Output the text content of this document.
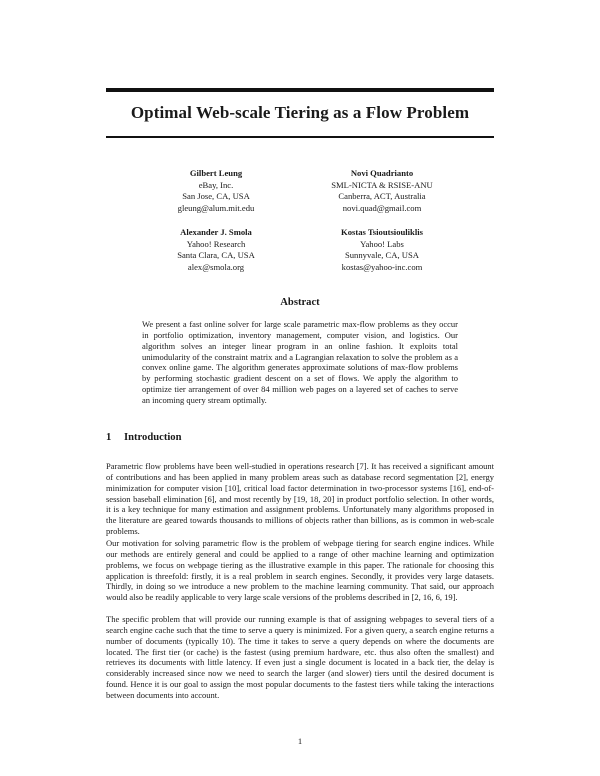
Optimal Web-scale Tiering as a Flow Problem
Gilbert Leung
eBay, Inc.
San Jose, CA, USA
gleung@alum.mit.edu
Novi Quadrianto
SML-NICTA & RSISE-ANU
Canberra, ACT, Australia
novi.quad@gmail.com
Alexander J. Smola
Yahoo! Research
Santa Clara, CA, USA
alex@smola.org
Kostas Tsioutsiouliklis
Yahoo! Labs
Sunnyvale, CA, USA
kostas@yahoo-inc.com
Abstract
We present a fast online solver for large scale parametric max-flow problems as they occur in portfolio optimization, inventory management, computer vision, and logistics. Our algorithm solves an integer linear program in an online fashion. It exploits total unimodularity of the constraint matrix and a Lagrangian relaxation to solve the problem as a convex online game. The algorithm generates approximate solutions of max-flow problems by performing stochastic gradient descent on a set of flows. We apply the algorithm to optimize tier arrangement of over 84 million web pages on a layered set of caches to serve an incoming query stream optimally.
1 Introduction

Parametric flow problems have been well-studied in operations research [7]. It has received a significant amount of contributions and has been applied in many problem areas such as database record segmentation [2], energy minimization for computer vision [10], critical load factor determination in two-processor systems [16], end-of-session baseball elimination [6], and most recently by [19, 18, 20] in product portfolio selection. In other words, it is a key technique for many estimation and assignment problems. Unfortunately many algorithms proposed in the literature are geared towards thousands to millions of objects rather than billions, as is common in web-scale problems.

Our motivation for solving parametric flow is the problem of webpage tiering for search engine indices. While our methods are entirely general and could be applied to a range of other machine learning and optimization problems, we focus on webpage tiering as the illustrative example in this paper. The rationale for choosing this application is threefold: firstly, it is a real problem in search engines. Secondly, it provides very large datasets. Thirdly, in doing so we introduce a new problem to the machine learning community. That said, our approach would also be readily applicable to very large scale versions of the problems described in [2, 16, 6, 19].

The specific problem that will provide our running example is that of assigning webpages to several tiers of a search engine cache such that the time to serve a query is minimized. For a given query, a search engine returns a number of documents (typically 10). The time it takes to serve a query depends on where the documents are located. The first tier (or cache) is the fastest (using premium hardware, etc. thus also often the smallest) and retrieves its documents with little latency. If even just a single document is located in a back tier, the delay is considerably increased since now we need to search the larger (and slower) tiers until the desired document is found. Hence it is our goal to assign the most popular documents to the fastest tiers while taking the interactions between documents into account.

1
